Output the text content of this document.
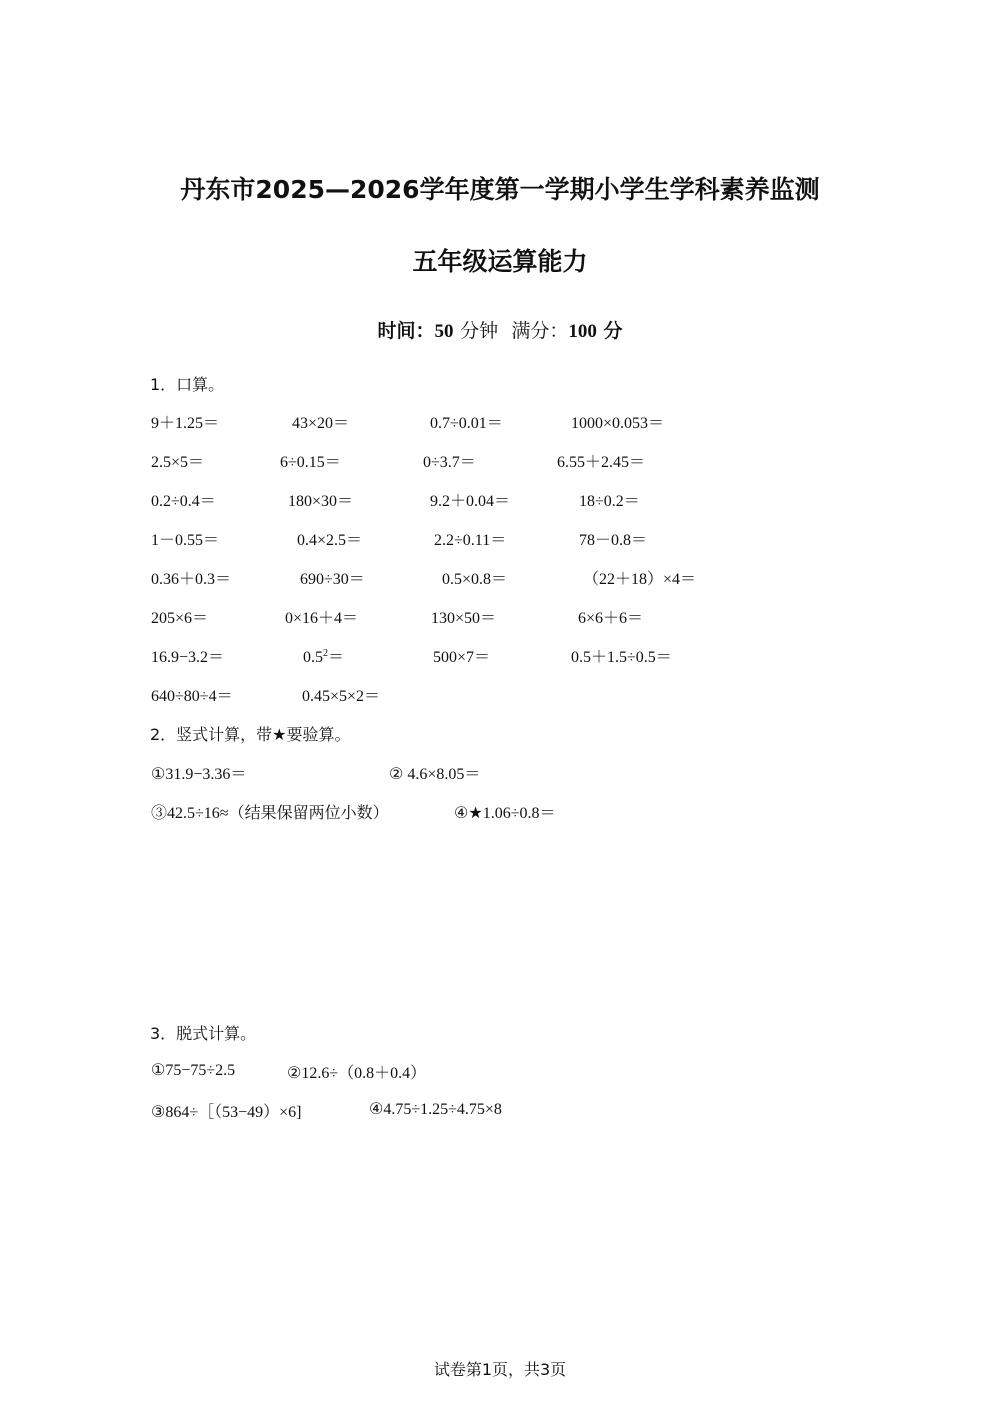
丹东市2025—2026学年度第一学期小学生学科素养监测
五年级运算能力
时间：50 分钟 满分：100 分
1．口算。
9＋1.25＝	43×20＝	0.7÷0.01＝	1000×0.053＝
2.5×5＝	6÷0.15＝	0÷3.7＝	6.55＋2.45＝
0.2÷0.4＝	180×30＝	9.2＋0.04＝	18÷0.2＝
1－0.55＝	0.4×2.5＝	2.2÷0.11＝	78－0.8＝
0.36＋0.3＝	690÷30＝	0.5×0.8＝	（22＋18）×4＝
205×6＝	0×16＋4＝	130×50＝	6×6＋6＝
16.9−3.2＝	$0.5^2=$	500×7＝	0.5＋1.5÷0.5＝
640÷80÷4＝	0.45×5×2＝
2．竖式计算，带★要验算。
①31.9−3.36＝	② 4.6×8.05＝
③42.5÷16≈（结果保留两位小数）	④★1.06÷0.8＝
3．脱式计算。
①75−75÷2.5	②12.6÷（0.8＋0.4）
③864÷［（53−49）×6]	④4.75÷1.25÷4.75×8
试卷第1页，共3页
